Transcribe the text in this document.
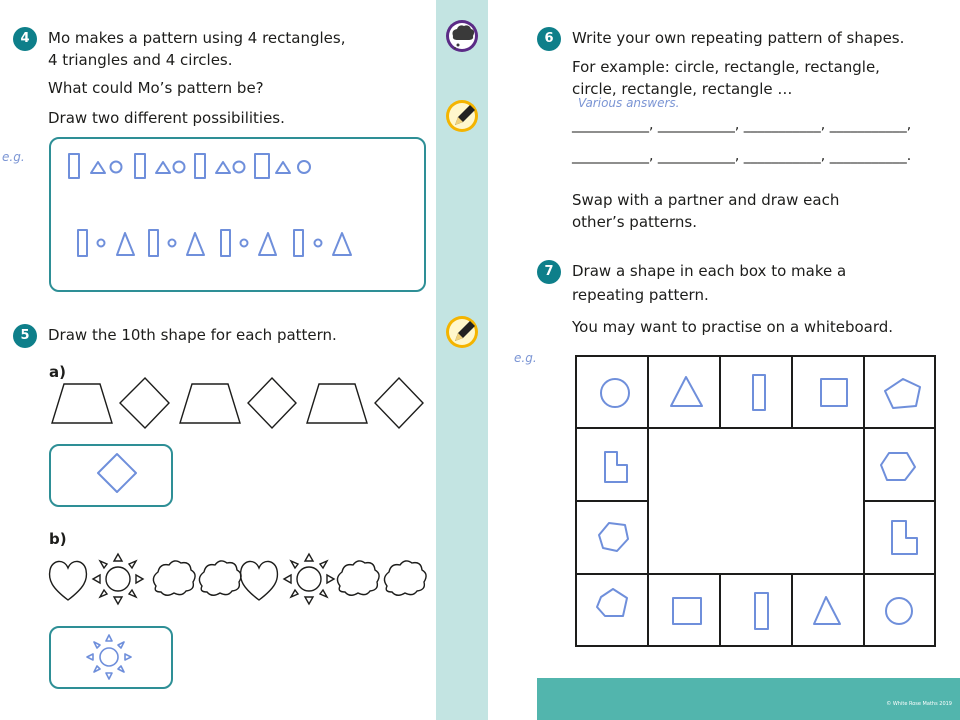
4	Mo makes a pattern using 4 rectangles,
4 triangles and 4 circles.
What could Mo’s pattern be?
Draw two different possibilities.
e.g.
5	Draw the 10th shape for each pattern.
a)
b)
6	Write your own repeating pattern of shapes.
For example: circle, rectangle, rectangle,
circle, rectangle, rectangle …
Various answers.
___________, ___________, ___________, ___________,
___________, ___________, ___________, ___________.
Swap with a partner and draw each
other’s patterns.
7	Draw a shape in each box to make a
repeating pattern.
You may want to practise on a whiteboard.
e.g.
© White Rose Maths 2019
